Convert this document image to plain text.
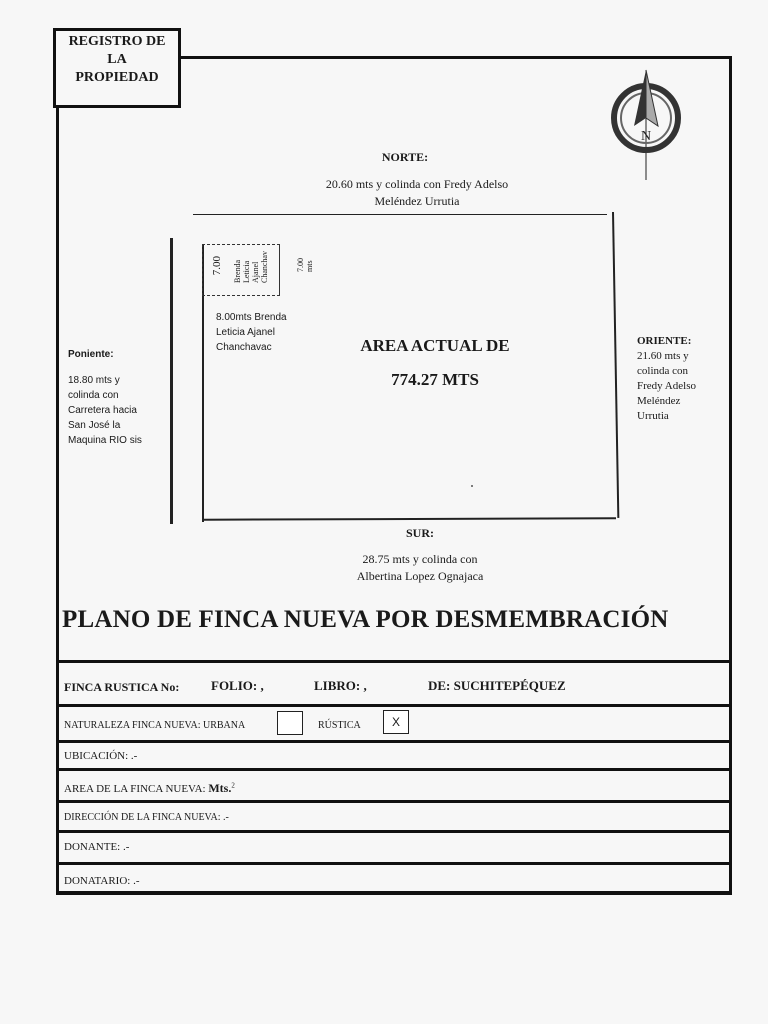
REGISTRO DE
LA
PROPIEDAD
N
NORTE:
20.60 mts y colinda con Fredy Adelso
Meléndez Urrutia
7.00 Brenda
Leticia
Ajanel
Chanchav	7.00
mts
8.00mts Brenda
Leticia Ajanel
Chanchavac	AREA ACTUAL DE
774.27 MTS
ORIENTE:
21.60 mts y
colinda con
Fredy Adelso
Meléndez
Urrutia
Poniente:
18.80 mts y
colinda con
Carretera hacia
San José la
Maquina RIO sis
SUR:
28.75 mts y colinda con
Albertina Lopez Ognajaca
PLANO DE FINCA NUEVA POR DESMEMBRACIÓN
FINCA RUSTICA No: FOLIO: ,	LIBRO: ,	DE: SUCHITEPÉQUEZ
NATURALEZA FINCA NUEVA: URBANA	RÚSTICA	X
UBICACIÓN: .-
AREA DE LA FINCA NUEVA: Mts.$^2$
DIRECCIÓN DE LA FINCA NUEVA: .-
DONANTE: .-
DONATARIO: .-
